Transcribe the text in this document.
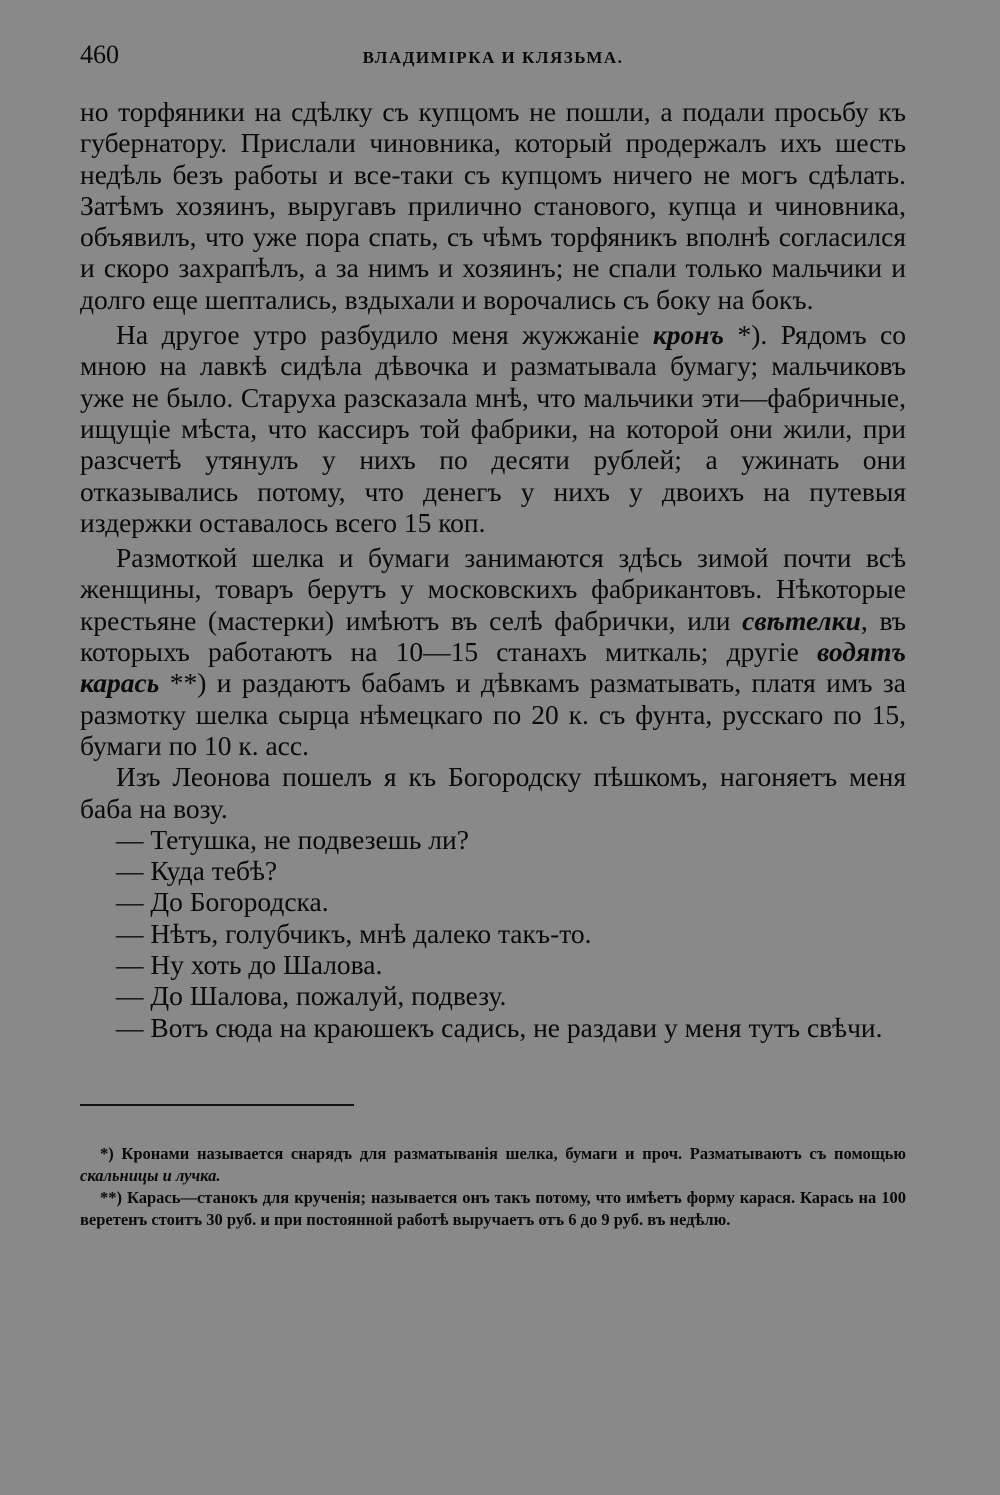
460	ВЛАДИМІРКА И КЛЯЗЬМА.

но торфяники на сдѣлку съ купцомъ не пошли, а подали просьбу къ губернатору. Прислали чиновника, который продержалъ ихъ шесть недѣль безъ работы и все-таки съ купцомъ ничего не могъ сдѣлать. Затѣмъ хозяинъ, выругавъ прилично станового, купца и чиновника, объявилъ, что уже пора спать, съ чѣмъ торфяникъ вполнѣ согласился и скоро захрапѣлъ, а за нимъ и хозяинъ; не спали только мальчики и долго еще шептались, вздыхали и ворочались съ боку на бокъ.

На другое утро разбудило меня жужжаніе кронъ *). Рядомъ со мною на лавкѣ сидѣла дѣвочка и разматывала бумагу; мальчиковъ уже не было. Старуха разсказала мнѣ, что мальчики эти—фабричные, ищущіе мѣста, что кассиръ той фабрики, на которой они жили, при разсчетѣ утянулъ у нихъ по десяти рублей; а ужинать они отказывались потому, что денегъ у нихъ у двоихъ на путевыя издержки оставалось всего 15 коп.

Размоткой шелка и бумаги занимаются здѣсь зимой почти всѣ женщины, товаръ берутъ у московскихъ фабрикантовъ. Нѣкоторые крестьяне (мастерки) имѣютъ въ селѣ фабрички, или свѣтелки, въ которыхъ работаютъ на 10—15 станахъ миткаль; другіе водятъ карась **) и раздаютъ бабамъ и дѣвкамъ разматывать, платя имъ за размотку шелка сырца нѣмецкаго по 20 к. съ фунта, русскаго по 15, бумаги по 10 к. асс.

Изъ Леонова пошелъ я къ Богородску пѣшкомъ, нагоняетъ меня баба на возу.

— Тетушка, не подвезешь ли?

— Куда тебѣ?

— До Богородска.

— Нѣтъ, голубчикъ, мнѣ далеко такъ-то.

— Ну хоть до Шалова.

— До Шалова, пожалуй, подвезу.

— Вотъ сюда на краюшекъ садись, не раздави у меня тутъ свѣчи.

*) Кронами называется снарядъ для разматыванія шелка, бумаги и проч. Разматываютъ съ помощью скальницы и лучка.

**) Карась—станокъ для крученія; называется онъ такъ потому, что имѣетъ форму карася. Карась на 100 веретенъ стоитъ 30 руб. и при постоянной работѣ выручаетъ отъ 6 до 9 руб. въ недѣлю.
